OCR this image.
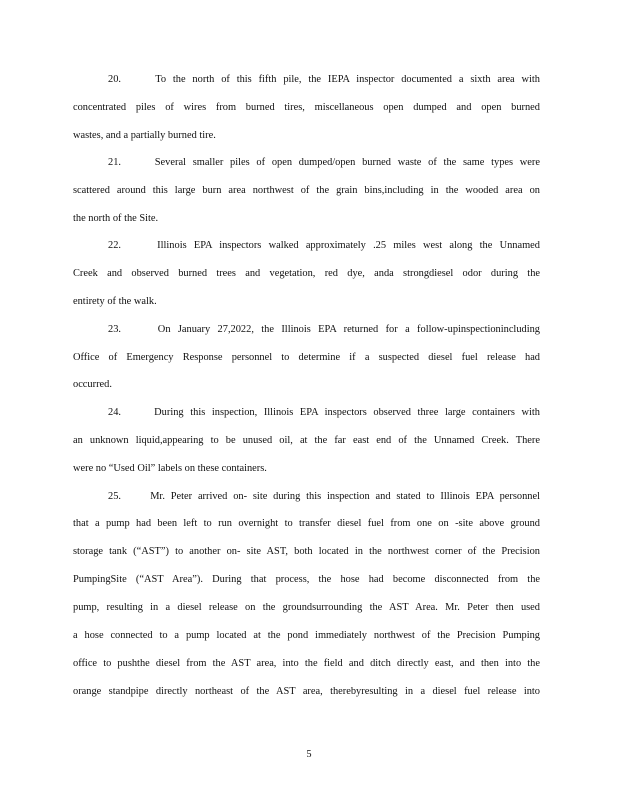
20.     To the north of this fifth pile, the IEPA inspector documented a sixth area with
concentrated piles of wires from burned tires, miscellaneous open dumped and open burned
wastes, and a partially burned tire.
21.     Several smaller piles of open dumped/open burned waste of the same types were
scattered around this large burn area northwest of the grain bins,including in the wooded area on
the north of the Site.
22.     Illinois EPA inspectors walked approximately .25 miles west along the Unnamed
Creek and observed burned trees and vegetation, red dye, anda strongdiesel odor during the
entirety of the walk.
23.     On January 27,2022, the Illinois EPA returned for a follow-upinspectionincluding
Office of Emergency Response personnel to determine if a suspected diesel fuel release had
occurred.
24.     During this inspection, Illinois EPA inspectors observed three large containers with
an unknown liquid,appearing to be unused oil, at the far east end of the Unnamed Creek. There
were no “Used Oil” labels on these containers.
25.     Mr. Peter arrived on- site during this inspection and stated to Illinois EPA personnel
that a pump had been left to run overnight to transfer diesel fuel from one on -site above ground
storage tank (“AST”) to another on- site AST, both located in the northwest corner of the Precision
PumpingSite (“AST Area”). During that process, the hose had become disconnected from the
pump, resulting in a diesel release on the groundsurrounding the AST Area. Mr. Peter then used
a hose connected to a pump located at the pond immediately northwest of the Precision Pumping
office to pushthe diesel from the AST area, into the field and ditch directly east, and then into the
orange standpipe directly northeast of the AST area, therebyresulting in a diesel fuel release into
5
